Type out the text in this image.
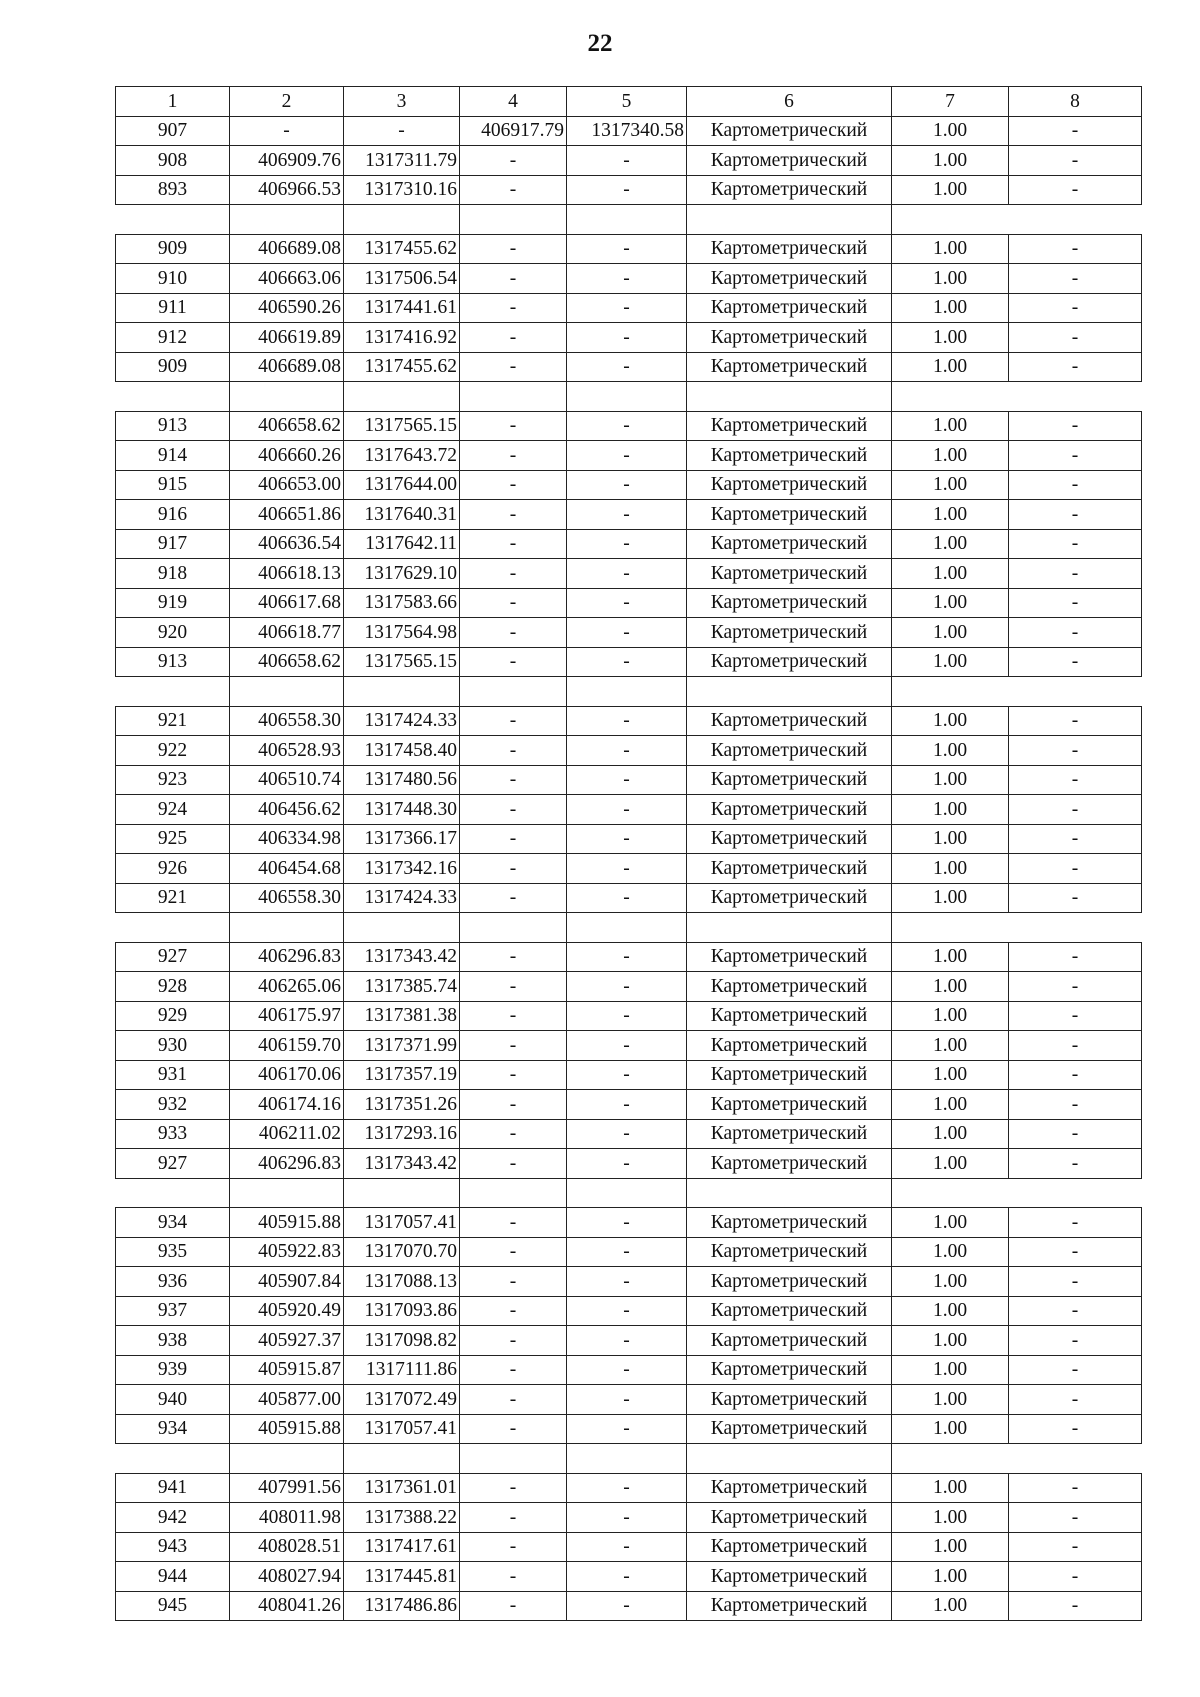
22
1	2	3	4	5	6	7	8
907	-	-	406917.79	1317340.58	Картометрический	1.00	-
908	406909.76	1317311.79	-	-	Картометрический	1.00	-
893	406966.53	1317310.16	-	-	Картометрический	1.00	-

909	406689.08	1317455.62	-	-	Картометрический	1.00	-
910	406663.06	1317506.54	-	-	Картометрический	1.00	-
911	406590.26	1317441.61	-	-	Картометрический	1.00	-
912	406619.89	1317416.92	-	-	Картометрический	1.00	-
909	406689.08	1317455.62	-	-	Картометрический	1.00	-

913	406658.62	1317565.15	-	-	Картометрический	1.00	-
914	406660.26	1317643.72	-	-	Картометрический	1.00	-
915	406653.00	1317644.00	-	-	Картометрический	1.00	-
916	406651.86	1317640.31	-	-	Картометрический	1.00	-
917	406636.54	1317642.11	-	-	Картометрический	1.00	-
918	406618.13	1317629.10	-	-	Картометрический	1.00	-
919	406617.68	1317583.66	-	-	Картометрический	1.00	-
920	406618.77	1317564.98	-	-	Картометрический	1.00	-
913	406658.62	1317565.15	-	-	Картометрический	1.00	-

921	406558.30	1317424.33	-	-	Картометрический	1.00	-
922	406528.93	1317458.40	-	-	Картометрический	1.00	-
923	406510.74	1317480.56	-	-	Картометрический	1.00	-
924	406456.62	1317448.30	-	-	Картометрический	1.00	-
925	406334.98	1317366.17	-	-	Картометрический	1.00	-
926	406454.68	1317342.16	-	-	Картометрический	1.00	-
921	406558.30	1317424.33	-	-	Картометрический	1.00	-

927	406296.83	1317343.42	-	-	Картометрический	1.00	-
928	406265.06	1317385.74	-	-	Картометрический	1.00	-
929	406175.97	1317381.38	-	-	Картометрический	1.00	-
930	406159.70	1317371.99	-	-	Картометрический	1.00	-
931	406170.06	1317357.19	-	-	Картометрический	1.00	-
932	406174.16	1317351.26	-	-	Картометрический	1.00	-
933	406211.02	1317293.16	-	-	Картометрический	1.00	-
927	406296.83	1317343.42	-	-	Картометрический	1.00	-

934	405915.88	1317057.41	-	-	Картометрический	1.00	-
935	405922.83	1317070.70	-	-	Картометрический	1.00	-
936	405907.84	1317088.13	-	-	Картометрический	1.00	-
937	405920.49	1317093.86	-	-	Картометрический	1.00	-
938	405927.37	1317098.82	-	-	Картометрический	1.00	-
939	405915.87	1317111.86	-	-	Картометрический	1.00	-
940	405877.00	1317072.49	-	-	Картометрический	1.00	-
934	405915.88	1317057.41	-	-	Картометрический	1.00	-

941	407991.56	1317361.01	-	-	Картометрический	1.00	-
942	408011.98	1317388.22	-	-	Картометрический	1.00	-
943	408028.51	1317417.61	-	-	Картометрический	1.00	-
944	408027.94	1317445.81	-	-	Картометрический	1.00	-
945	408041.26	1317486.86	-	-	Картометрический	1.00	-
